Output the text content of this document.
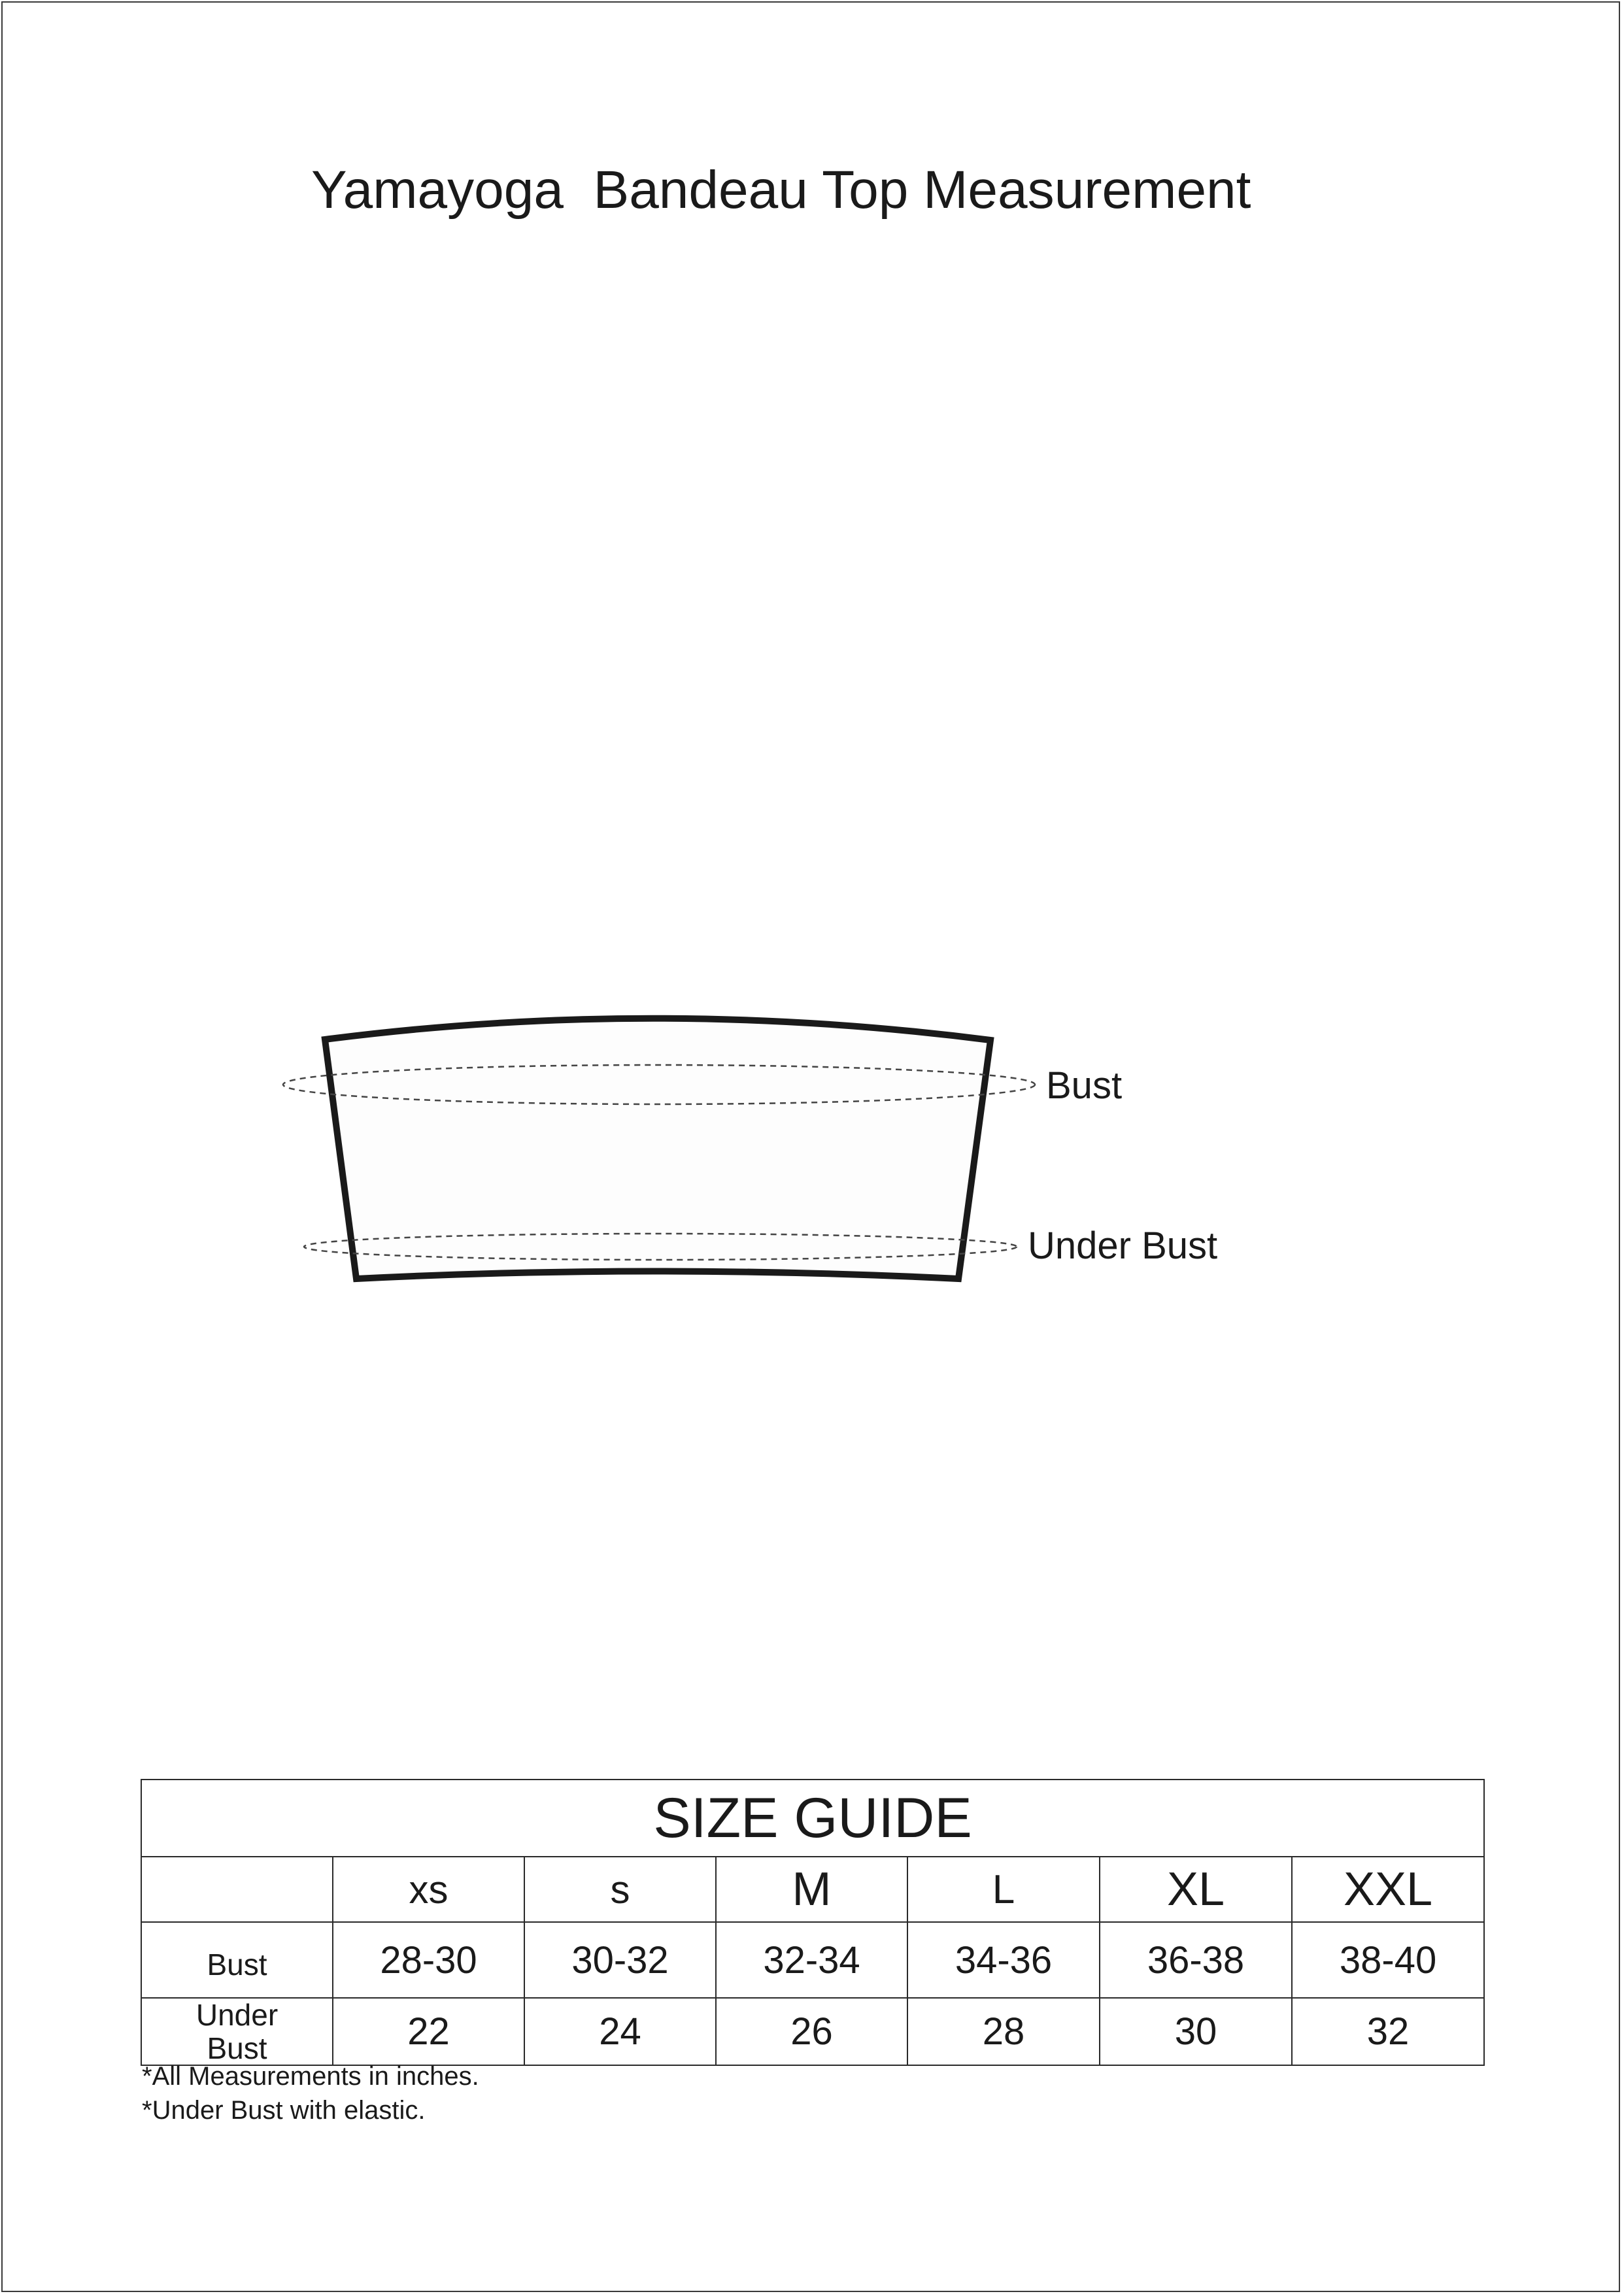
Yamayoga  Bandeau Top Measurement
Bust
Under Bust
SIZE GUIDE						
	xs	s	M	L	XL	XXL
Bust	28-30	30-32	32-34	34-36	36-38	38-40
Under Bust	22	24	26	28	30	32
*All Measurements in inches.
*Under Bust with elastic.
